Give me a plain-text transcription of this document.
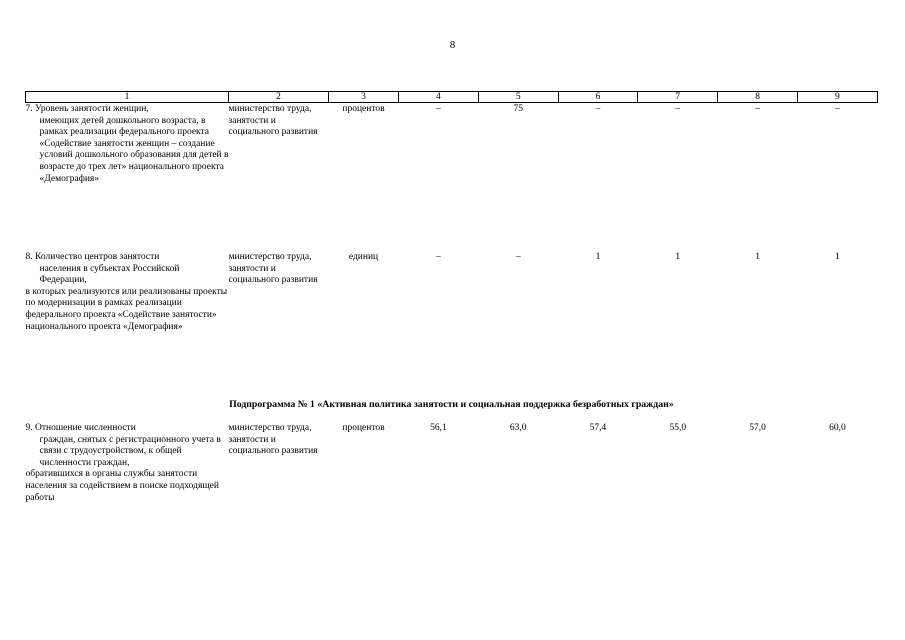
8
1	2	3	4	5	6	7	8	9

7. Уровень занятости женщин,
имеющих детей дошкольного возраста, в рамках реализации федерального проекта «Содействие занятости женщин – создание условий дошкольного образования для детей в возрасте до трех лет» национального проекта «Демография»	министерство труда, занятости и социального развития	процентов	–	75	–	–	–	–

8. Количество центров занятости
населения в субъектах Российской Федерации,
в которых реализуются или реализованы проекты по модернизации в рамках реализации федерального проекта «Содействие занятости» национального проекта «Демография»	министерство труда, занятости и социального развития	единиц	–	–	1	1	1	1
Подпрограмма № 1 «Активная политика занятости и социальная поддержка безработных граждан»								

9. Отношение численности
граждан, снятых с регистрационного учета в связи с трудоустройством, к общей численности граждан,
обратившихся в органы службы занятости населения за содействием в поиске подходящей работы	министерство труда, занятости и социального развития	процентов	56,1	63,0	57,4	55,0	57,0	60,0
